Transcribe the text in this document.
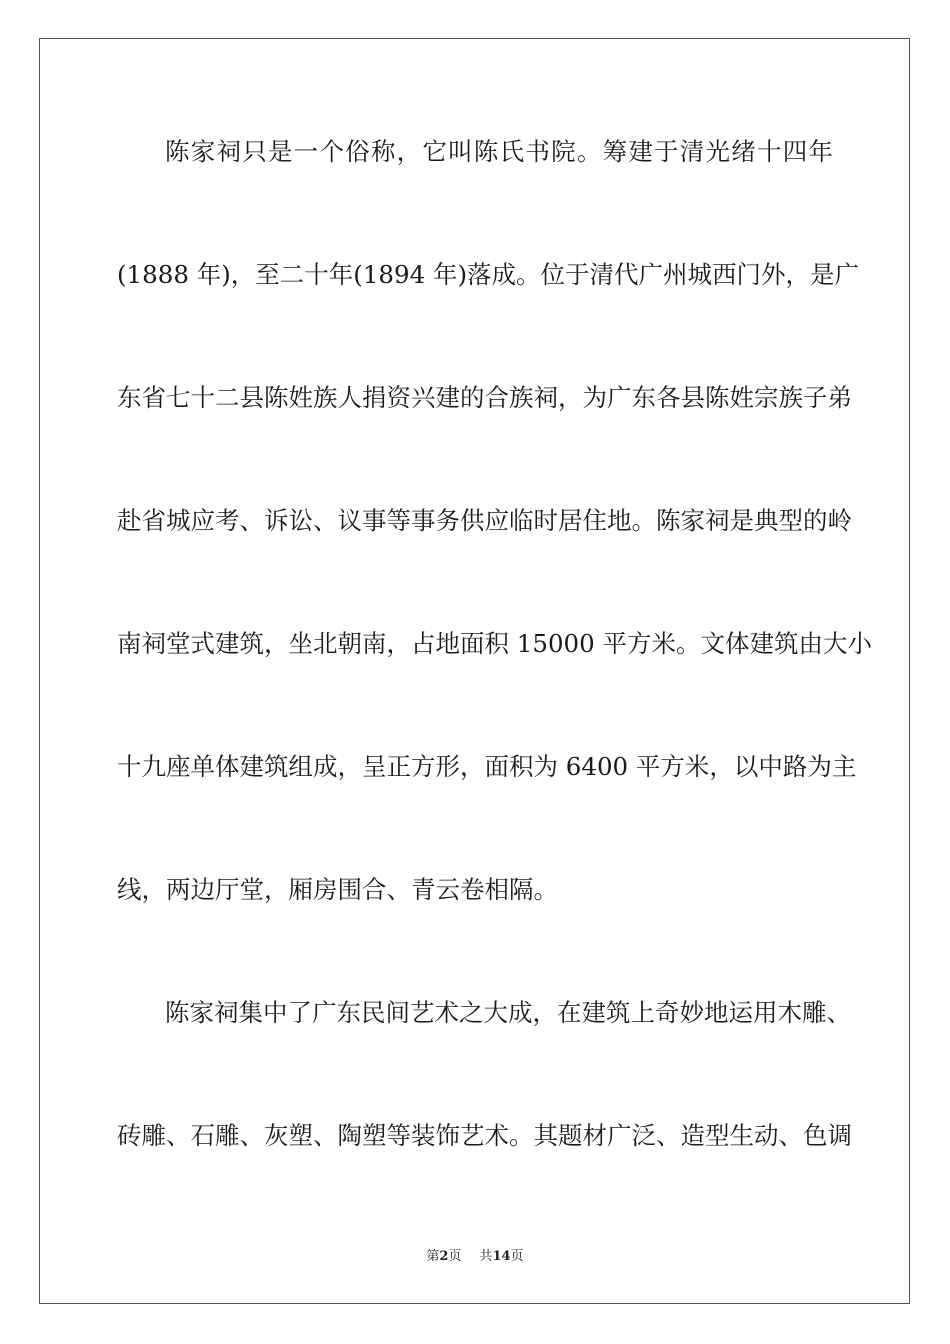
陈家祠只是一个俗称，它叫陈氏书院。筹建于清光绪十四年
(1888 年)，至二十年(1894 年)落成。位于清代广州城西门外，是广
东省七十二县陈姓族人捐资兴建的合族祠，为广东各县陈姓宗族子弟
赴省城应考、诉讼、议事等事务供应临时居住地。陈家祠是典型的岭
南祠堂式建筑，坐北朝南，占地面积 15000 平方米。文体建筑由大小
十九座单体建筑组成，呈正方形，面积为 6400 平方米，以中路为主
线，两边厅堂，厢房围合、青云卷相隔。
陈家祠集中了广东民间艺术之大成，在建筑上奇妙地运用木雕、
砖雕、石雕、灰塑、陶塑等装饰艺术。其题材广泛、造型生动、色调
第2页 共14页
